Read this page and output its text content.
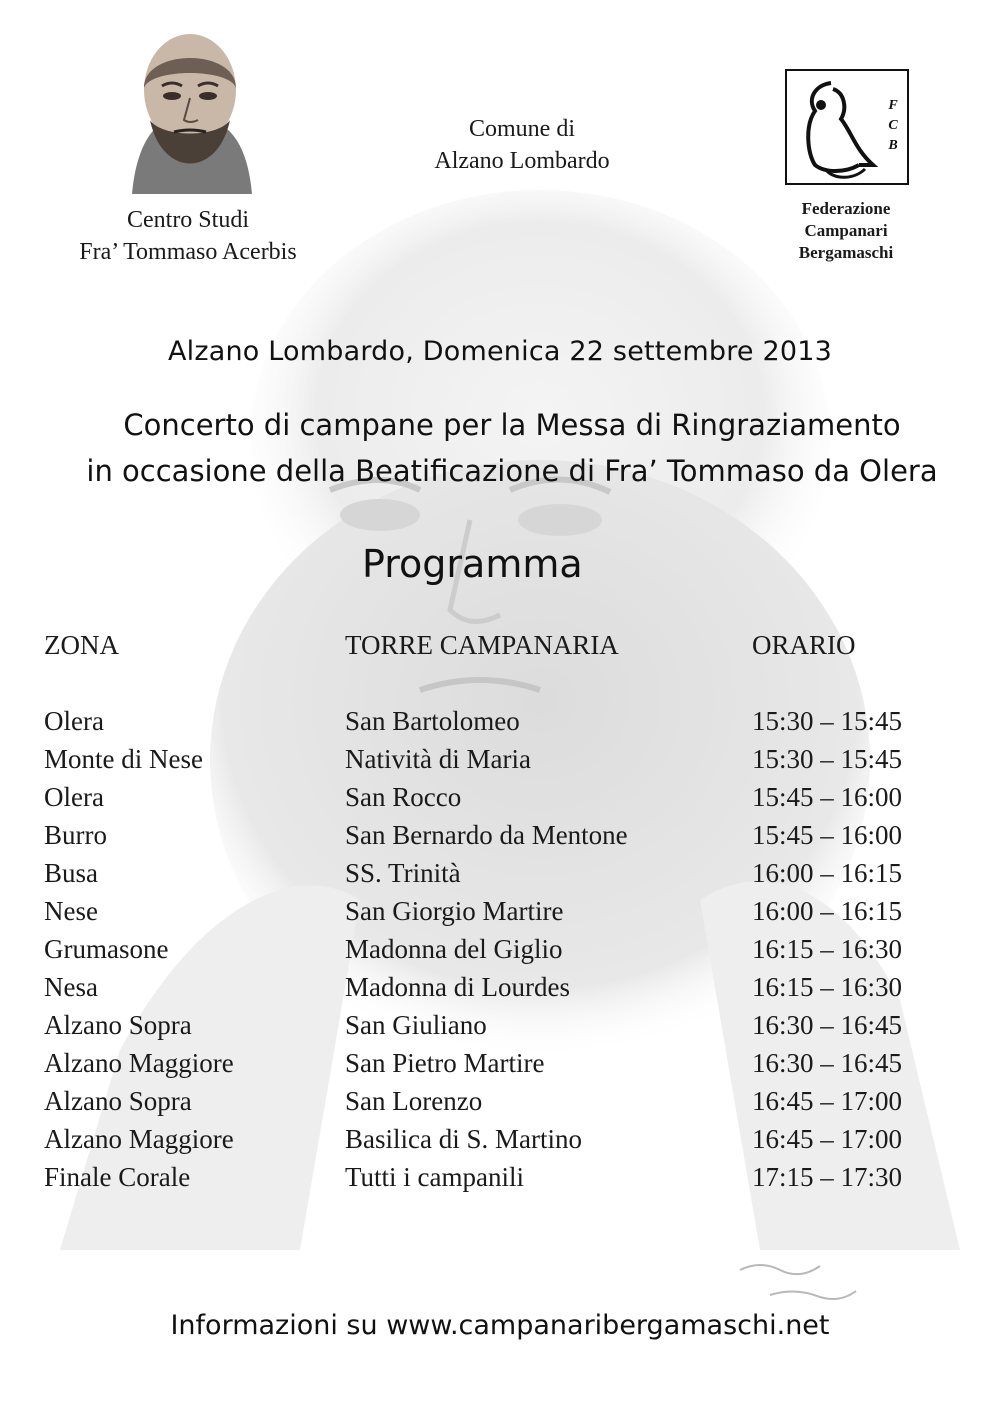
Centro Studi
Fra’ Tommaso Acerbis
Comune di
Alzano Lombardo
F
C
B
Federazione
Campanari
Bergamaschi
Alzano Lombardo, Domenica 22 settembre 2013
Concerto di campane per la Messa di Ringraziamento
in occasione della Beatificazione di Fra’ Tommaso da Olera
Programma
ZONA	TORRE CAMPANARIA	ORARIO
Olera	San Bartolomeo	15:30 – 15:45
Monte di Nese	Natività di Maria	15:30 – 15:45
Olera	San Rocco	15:45 – 16:00
Burro	San Bernardo da Mentone	15:45 – 16:00
Busa	SS. Trinità	16:00 – 16:15
Nese	San Giorgio Martire	16:00 – 16:15
Grumasone	Madonna del Giglio	16:15 – 16:30
Nesa	Madonna di Lourdes	16:15 – 16:30
Alzano Sopra	San Giuliano	16:30 – 16:45
Alzano Maggiore	San Pietro Martire	16:30 – 16:45
Alzano Sopra	San Lorenzo	16:45 – 17:00
Alzano Maggiore	Basilica di S. Martino	16:45 – 17:00
Finale Corale	Tutti i campanili	17:15 – 17:30
Informazioni su www.campanaribergamaschi.net
